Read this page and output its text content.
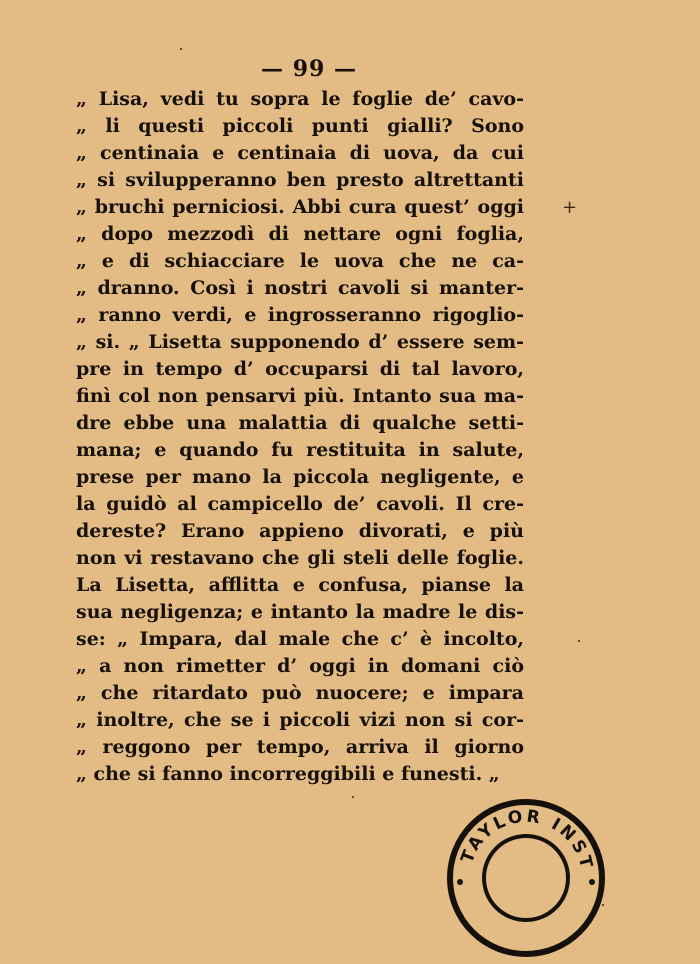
— 99 —
„ Lisa, vedi tu sopra le foglie de’ cavo-
„ li questi piccoli punti gialli? Sono
„ centinaia e centinaia di uova, da cui
„ si svilupperanno ben presto altrettanti
„ bruchi perniciosi. Abbi cura quest’ oggi
„ dopo mezzodì di nettare ogni foglia,
„ e di schiacciare le uova che ne ca-
„ dranno. Così i nostri cavoli si manter-
„ ranno verdi, e ingrosseranno rigoglio-
„ si. „ Lisetta supponendo d’ essere sem-
pre in tempo d’ occuparsi di tal lavoro,
finì col non pensarvi più. Intanto sua ma-
dre ebbe una malattia di qualche setti-
mana; e quando fu restituita in salute,
prese per mano la piccola negligente, e
la guidò al campicello de’ cavoli. Il cre-
dereste? Erano appieno divorati, e più
non vi restavano che gli steli delle foglie.
La Lisetta, afflitta e confusa, pianse la
sua negligenza; e intanto la madre le dis-
se: „ Impara, dal male che c’ è incolto,
„ a non rimetter d’ oggi in domani ciò
„ che ritardato può nuocere; e impara
„ inoltre, che se i piccoli vizi non si cor-
„ reggono per tempo, arriva il giorno
„ che si fanno incorreggibili e funesti. „
+
TAYLOR INST
